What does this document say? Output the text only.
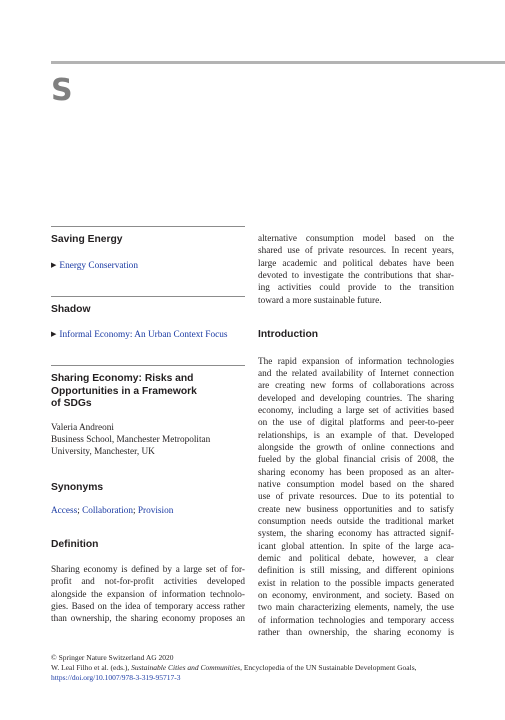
S

Saving Energy

▶ Energy Conservation

Shadow

▶ Informal Economy: An Urban Context Focus

Sharing Economy: Risks and

Opportunities in a Framework

of SDGs

Valeria Andreoni
Business School, Manchester Metropolitan
University, Manchester, UK

Synonyms

Access; Collaboration; Provision

Definition

Sharing economy is defined by a large set of for-
profit and not-for-profit activities developed
alongside the expansion of information technolo-
gies. Based on the idea of temporary access rather
than ownership, the sharing economy proposes an
alternative consumption model based on the
shared use of private resources. In recent years,
large academic and political debates have been
devoted to investigate the contributions that shar-
ing activities could provide to the transition
toward a more sustainable future.

Introduction

The rapid expansion of information technologies
and the related availability of Internet connection
are creating new forms of collaborations across
developed and developing countries. The sharing
economy, including a large set of activities based
on the use of digital platforms and peer-to-peer
relationships, is an example of that. Developed
alongside the growth of online connections and
fueled by the global financial crisis of 2008, the
sharing economy has been proposed as an alter-
native consumption model based on the shared
use of private resources. Due to its potential to
create new business opportunities and to satisfy
consumption needs outside the traditional market
system, the sharing economy has attracted signif-
icant global attention. In spite of the large aca-
demic and political debate, however, a clear
definition is still missing, and different opinions
exist in relation to the possible impacts generated
on economy, environment, and society. Based on
two main characterizing elements, namely, the use
of information technologies and temporary access
rather than ownership, the sharing economy is
© Springer Nature Switzerland AG 2020
W. Leal Filho et al. (eds.), Sustainable Cities and Communities, Encyclopedia of the UN Sustainable Development Goals,
https://doi.org/10.1007/978-3-319-95717-3
